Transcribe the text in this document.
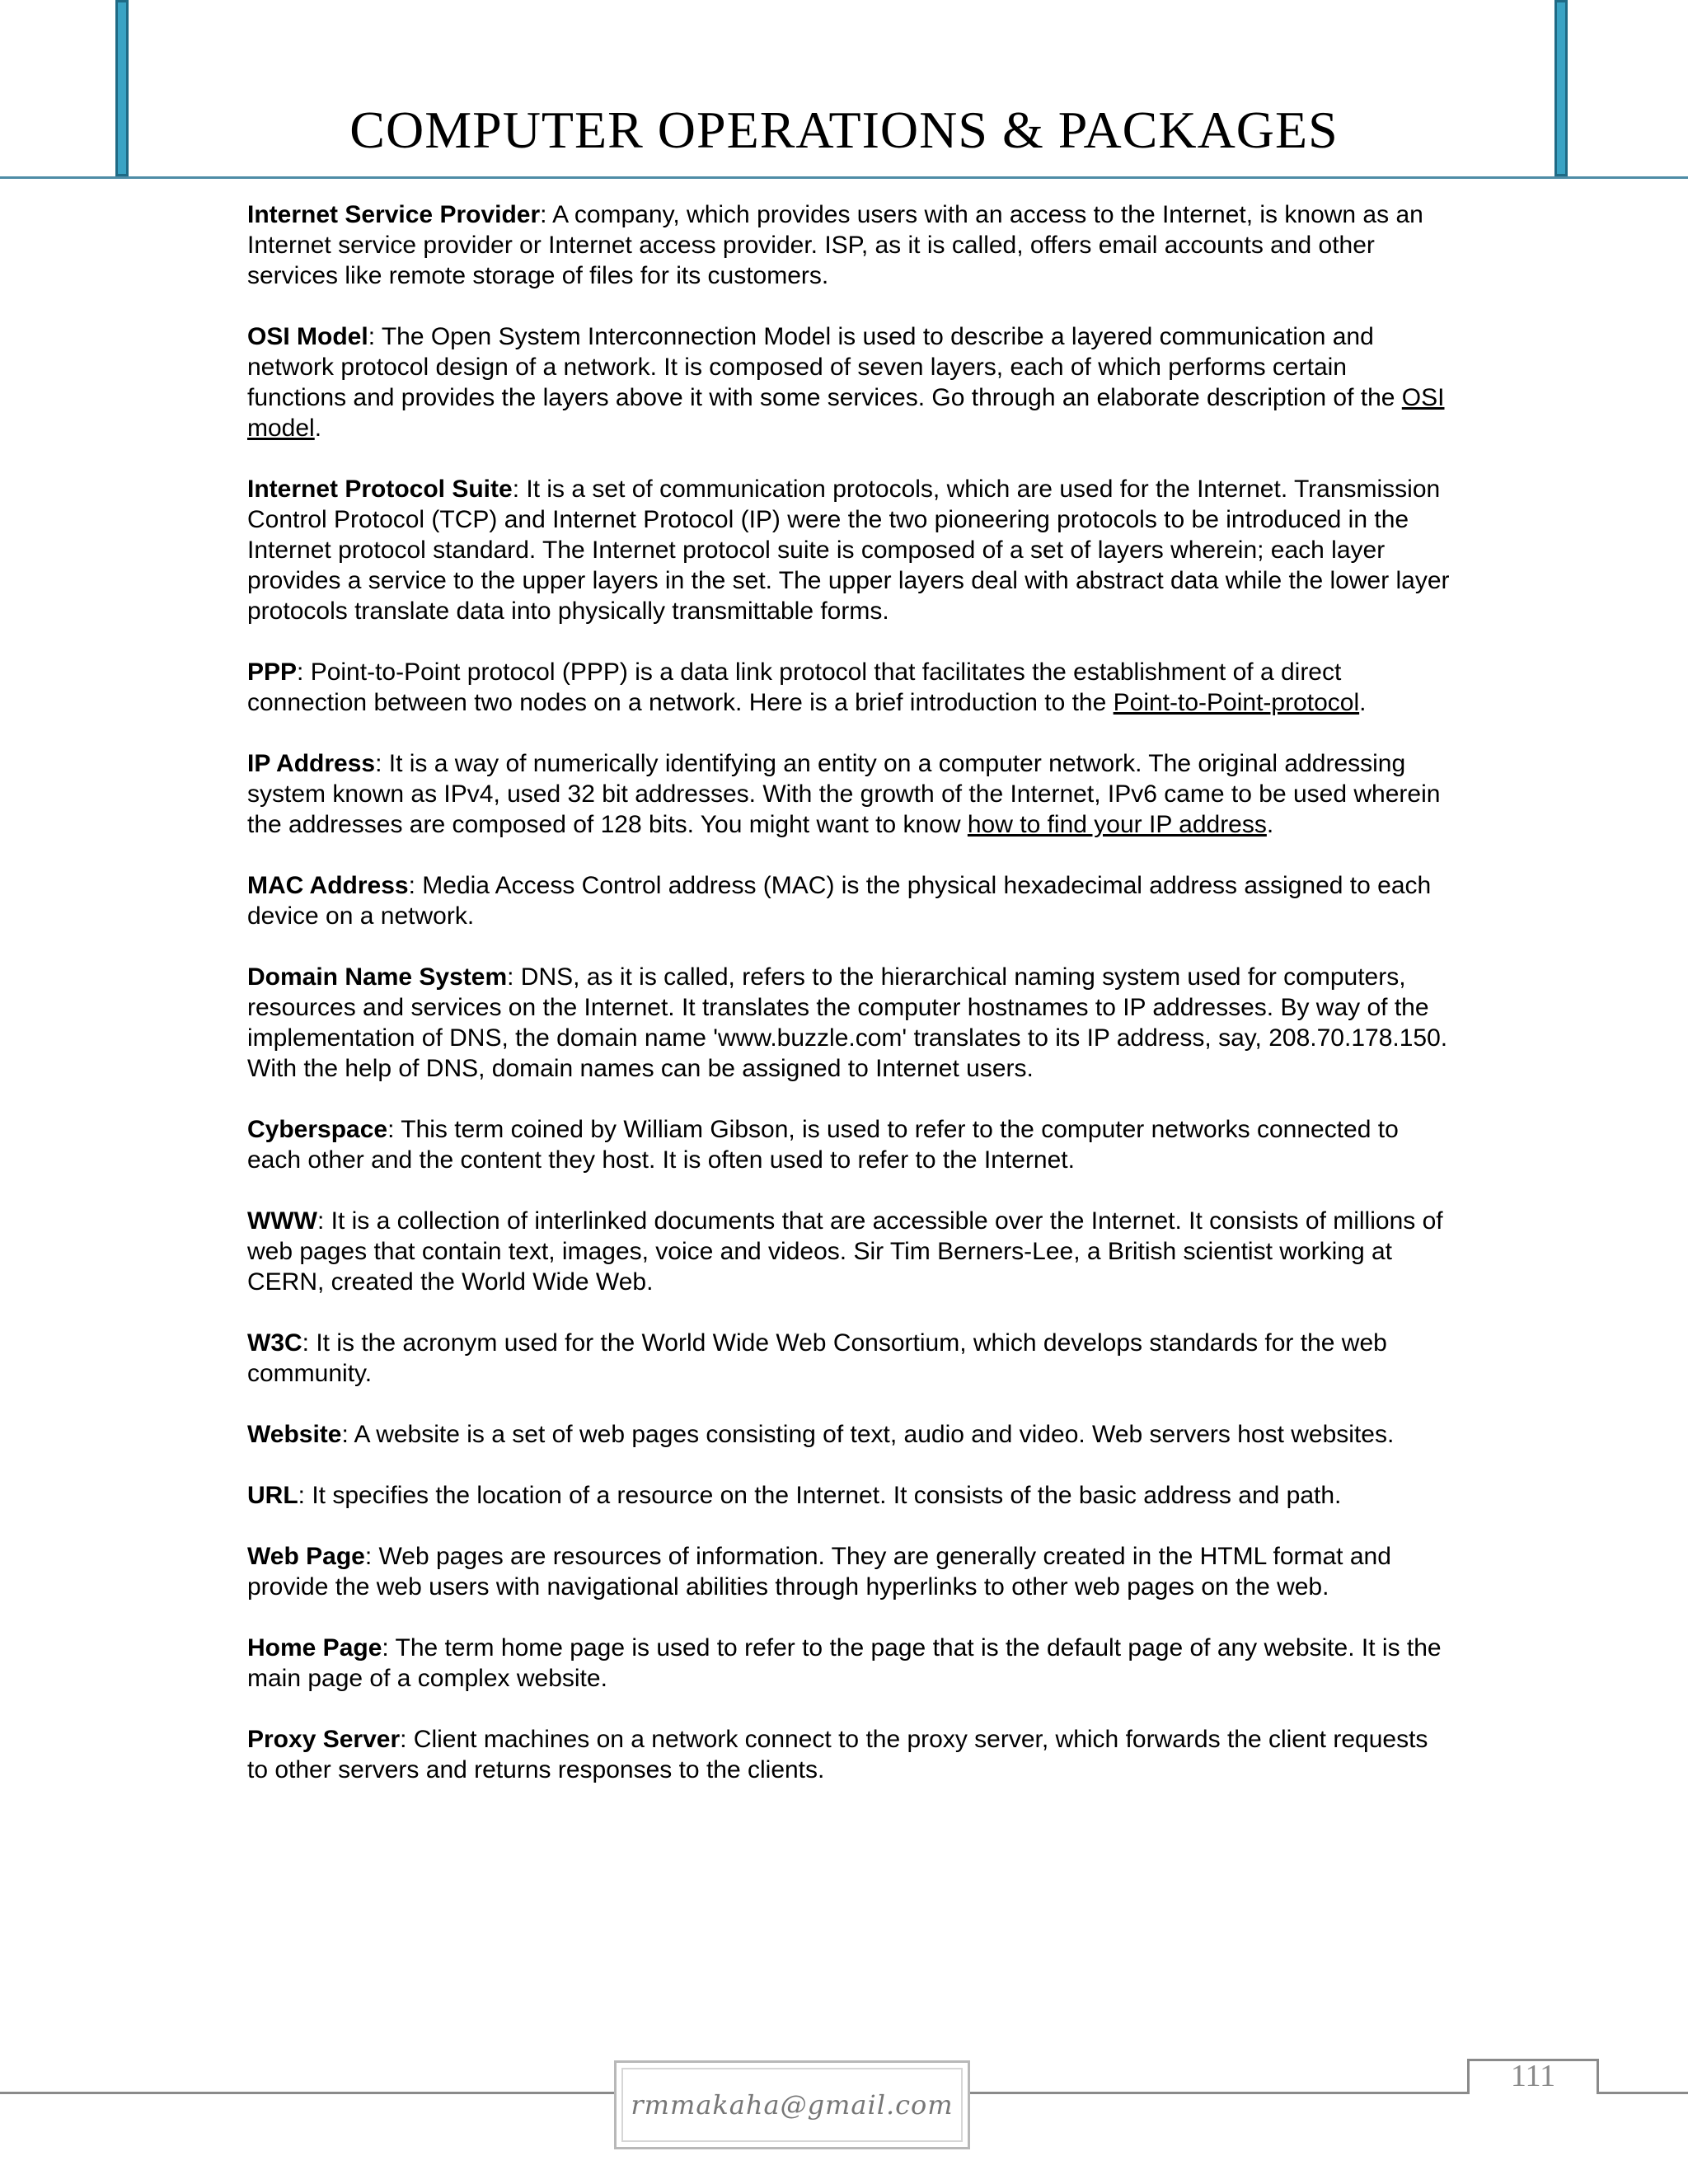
COMPUTER OPERATIONS & PACKAGES

Internet Service Provider: A company, which provides users with an access to the Internet, is known as an Internet service provider or Internet access provider. ISP, as it is called, offers email accounts and other services like remote storage of files for its customers.

OSI Model: The Open System Interconnection Model is used to describe a layered communication and network protocol design of a network. It is composed of seven layers, each of which performs certain functions and provides the layers above it with some services. Go through an elaborate description of the OSI model.

Internet Protocol Suite: It is a set of communication protocols, which are used for the Internet. Transmission Control Protocol (TCP) and Internet Protocol (IP) were the two pioneering protocols to be introduced in the Internet protocol standard. The Internet protocol suite is composed of a set of layers wherein; each layer provides a service to the upper layers in the set. The upper layers deal with abstract data while the lower layer protocols translate data into physically transmittable forms.

PPP: Point-to-Point protocol (PPP) is a data link protocol that facilitates the establishment of a direct connection between two nodes on a network. Here is a brief introduction to the Point-to-Point-protocol.

IP Address: It is a way of numerically identifying an entity on a computer network. The original addressing system known as IPv4, used 32 bit addresses. With the growth of the Internet, IPv6 came to be used wherein the addresses are composed of 128 bits. You might want to know how to find your IP address.

MAC Address: Media Access Control address (MAC) is the physical hexadecimal address assigned to each device on a network.

Domain Name System: DNS, as it is called, refers to the hierarchical naming system used for computers, resources and services on the Internet. It translates the computer hostnames to IP addresses. By way of the implementation of DNS, the domain name 'www.buzzle.com' translates to its IP address, say, 208.70.178.150. With the help of DNS, domain names can be assigned to Internet users.

Cyberspace: This term coined by William Gibson, is used to refer to the computer networks connected to each other and the content they host. It is often used to refer to the Internet.

WWW: It is a collection of interlinked documents that are accessible over the Internet. It consists of millions of web pages that contain text, images, voice and videos. Sir Tim Berners-Lee, a British scientist working at CERN, created the World Wide Web.

W3C: It is the acronym used for the World Wide Web Consortium, which develops standards for the web community.

Website: A website is a set of web pages consisting of text, audio and video. Web servers host websites.

URL: It specifies the location of a resource on the Internet. It consists of the basic address and path.

Web Page: Web pages are resources of information. They are generally created in the HTML format and provide the web users with navigational abilities through hyperlinks to other web pages on the web.

Home Page: The term home page is used to refer to the page that is the default page of any website. It is the main page of a complex website.

Proxy Server: Client machines on a network connect to the proxy server, which forwards the client requests to other servers and returns responses to the clients.

rmmakaha@gmail.com
111
